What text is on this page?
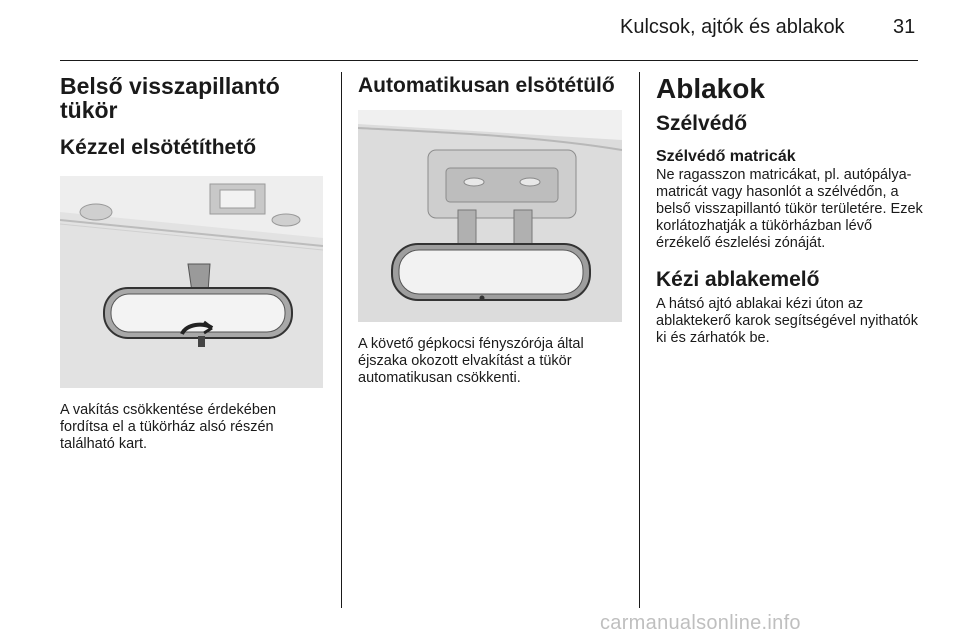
Kulcsok, ajtók és ablakok 31
Belső visszapillantó tükör
Kézzel elsötétíthető
A vakítás csökkentése érdekében fordítsa el a tükörház alsó részén található kart.
Automatikusan elsötétülő
A követő gépkocsi fényszórója által éjszaka okozott elvakítást a tükör automatikusan csökkenti.
Ablakok
Szélvédő
Szélvédő matricák
Ne ragasszon matricákat, pl. autópálya-matricát vagy hasonlót a szélvédőn, a belső visszapillantó tükör területére. Ezek korlátozhatják a tükörházban lévő érzékelő észlelési zónáját.
Kézi ablakemelő
A hátsó ajtó ablakai kézi úton az ablaktekerő karok segítségével nyithatók ki és zárhatók be.
carmanualsonline.info
